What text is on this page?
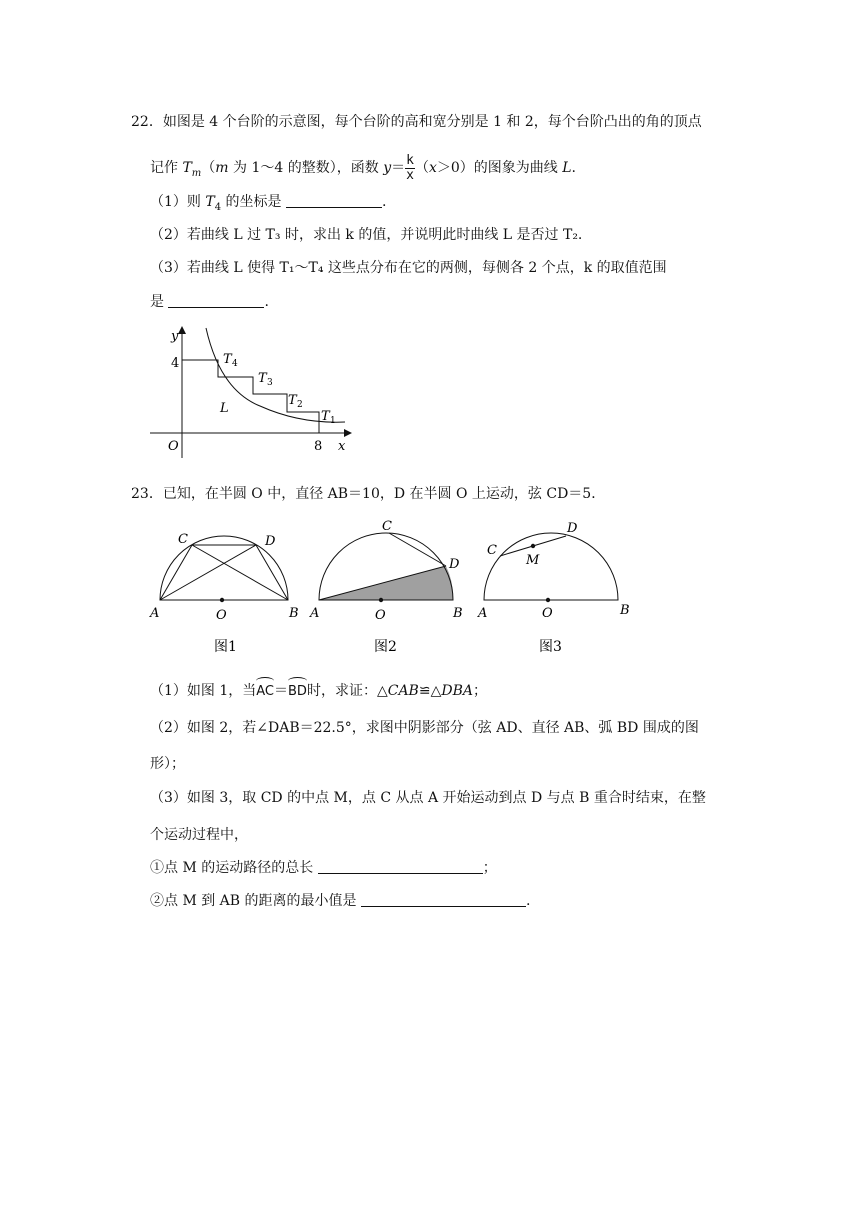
22．如图是 4 个台阶的示意图，每个台阶的高和宽分别是 1 和 2，每个台阶凸出的角的顶点
记作 $T_m(m$ 为 1～4 的整数），函数 $y= \frac{k}{x} (x>0)$的图象为曲线 L.
（1）则 $T_4$ 的坐标是	.
（2）若曲线 L 过 T₃ 时，求出 k 的值，并说明此时曲线 L 是否过 T₂.
（3）若曲线 L 使得 T₁～T₄ 这些点分布在它的两侧，每侧各 2 个点，k 的取值范围
是	.
y
x
O
4
8
L
T 4
T 3
T 2
T 1
23．已知，在半圆 O 中，直径 AB＝10，D 在半圆 O 上运动，弦 CD＝5．
A	B
C	D
O
图1
A	B
C
D
O
图2
A	B
C
D
M
O
图3
（1）如图 1，当AC＝BD时，求证：△CAB≌△DBA；
（2）如图 2，若∠DAB＝22.5°，求图中阴影部分（弦 AD、直径 AB、弧 BD 围成的图
形）；
（3）如图 3，取 CD 的中点 M，点 C 从点 A 开始运动到点 D 与点 B 重合时结束，在整
个运动过程中，
①点 M 的运动路径的总长	；
②点 M 到 AB 的距离的最小值是	.
